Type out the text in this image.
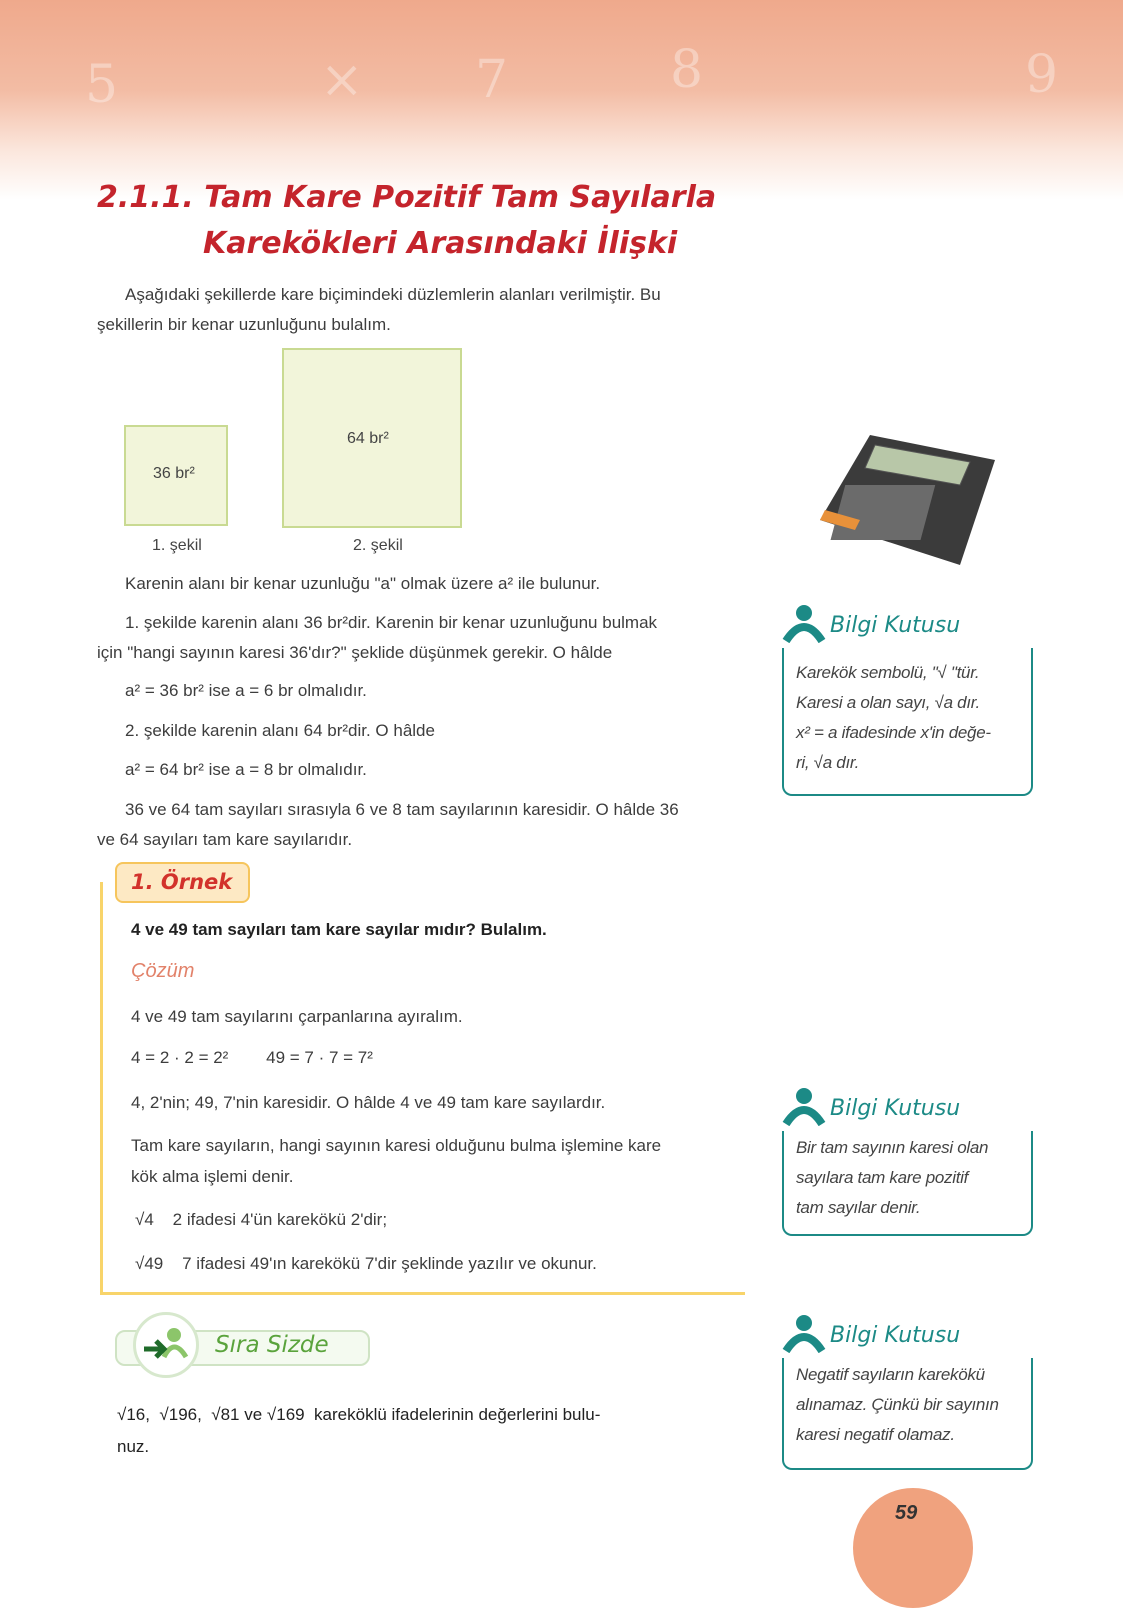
5	× 7	8	9
2.1.1. Tam Kare Pozitif Tam Sayılarla
Karekökleri Arasındaki İlişki
Aşağıdaki şekillerde kare biçimindeki düzlemlerin alanları verilmiştir. Bu
şekillerin bir kenar uzunluğunu bulalım.
36 br²
64 br²
1. şekil	2. şekil
Karenin alanı bir kenar uzunluğu "a" olmak üzere a² ile bulunur.
1. şekilde karenin alanı 36 br²dir. Karenin bir kenar uzunluğunu bulmak
için "hangi sayının karesi 36'dır?" şeklide düşünmek gerekir. O hâlde
a² = 36 br² ise a = 6 br olmalıdır.
2. şekilde karenin alanı 64 br²dir. O hâlde
a² = 64 br² ise a = 8 br olmalıdır.
36 ve 64 tam sayıları sırasıyla 6 ve 8 tam sayılarının karesidir. O hâlde 36
ve 64 sayıları tam kare sayılarıdır.
1. Örnek
4 ve 49 tam sayıları tam kare sayılar mıdır? Bulalım.
Çözüm
4 ve 49 tam sayılarını çarpanlarına ayıralım.
4 = 2 · 2 = 2²        49 = 7 · 7 = 7²
4, 2'nin; 49, 7'nin karesidir. O hâlde 4 ve 49 tam kare sayılardır.
Tam kare sayıların, hangi sayının karesi olduğunu bulma işlemine kare
kök alma işlemi denir.
√4    2 ifadesi 4'ün karekökü 2'dir;
√49    7 ifadesi 49'ın karekökü 7'dir şeklinde yazılır ve okunur.
Sıra Sizde
√16,  √196,  √81 ve √169  kareköklü ifadelerinin değerlerini bulu-
nuz.
Bilgi Kutusu
Karekök sembolü, "√ "tür.
Karesi a olan sayı, √a dır.
x² = a ifadesinde x'in değe-
ri, √a dır.
Bilgi Kutusu
Bir tam sayının karesi olan
sayılara tam kare pozitif
tam sayılar denir.
Bilgi Kutusu
Negatif sayıların karekökü
alınamaz. Çünkü bir sayının
karesi negatif olamaz.
59
